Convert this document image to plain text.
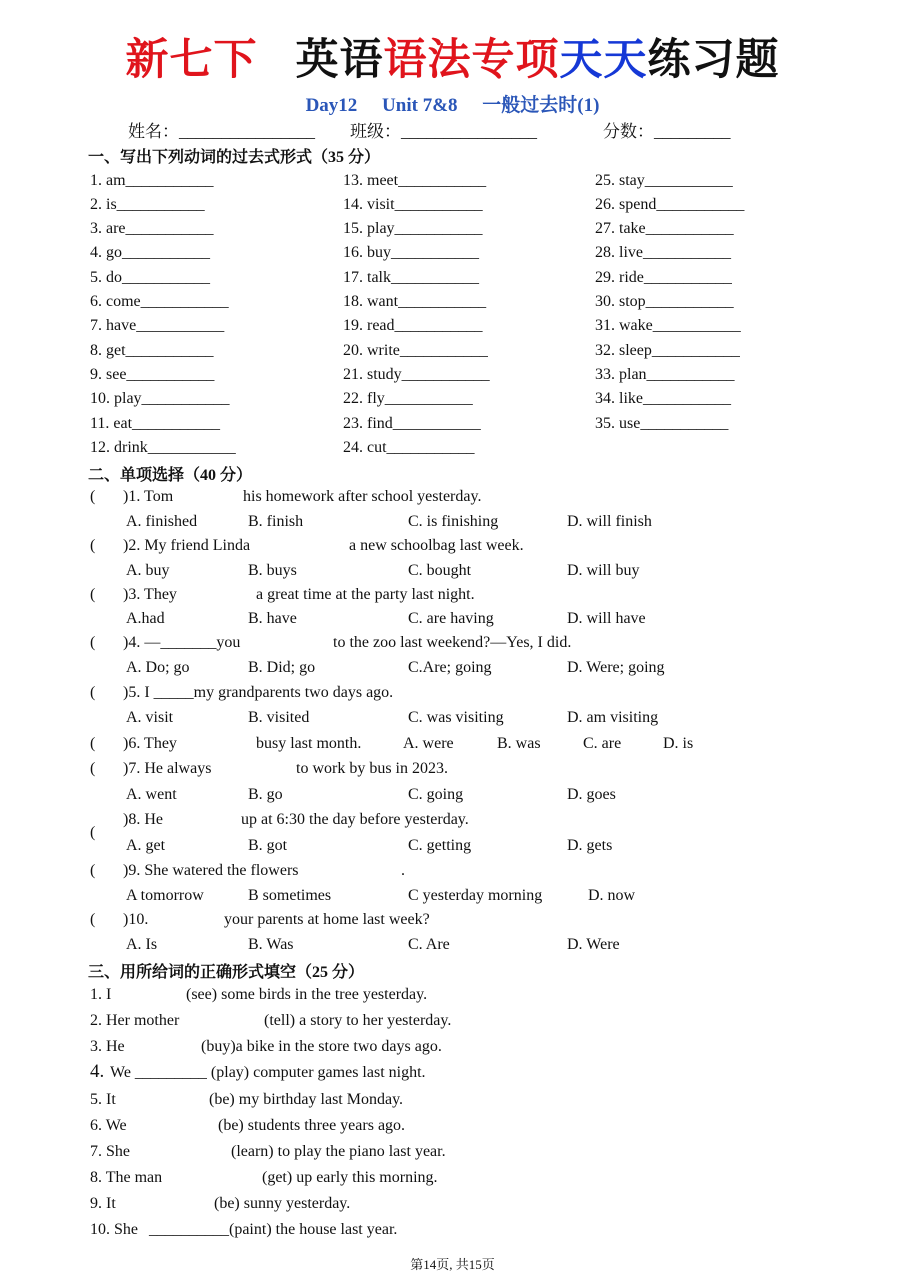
新七下 英语语法专项天天练习题
Day12 Unit 7&8 一般过去时(1)
姓名：________________ 班级：________________	分数：_________
一、写出下列动词的过去式形式（35 分）
1. am___________
2. is___________
3. are___________
4. go___________
5. do___________
6. come___________
7. have___________
8. get___________
9. see___________
10. play___________
11. eat___________
12. drink___________
13. meet___________
14. visit___________
15. play___________
16. buy___________
17. talk___________
18. want___________
19. read___________
20. write___________
21. study___________
22. fly___________
23. find___________
24. cut___________
25. stay___________
26. spend___________
27. take___________
28. live___________
29. ride___________
30. stop___________
31. wake___________
32. sleep___________
33. plan___________
34. like___________
35. use___________
二、单项选择（40 分）
( )1. Tom	his homework after school yesterday.
A. finished	B. finish	C. is finishing	D. will finish
( )2. My friend Linda	a new schoolbag last week.
A. buy	B. buys	C. bought	D. will buy
( )3. They	a great time at the party last night.
A.had	B. have	C. are having	D. will have
( )4. —_______you	to the zoo last weekend?—Yes, I did.
A. Do; go	B. Did; go	C.Are; going	D. Were; going
( )5. I _____my grandparents two days ago.
A. visit	B. visited	C. was visiting	D. am visiting
( )6. They	busy last month.	A. were	B. was	C. are	D. is
( )7. He always	to work by bus in 2023.
A. went	B. go	C. going	D. goes
(
)8. He	up at 6:30 the day before yesterday.
A. get	B. got	C. getting	D. gets
( )9. She watered the flowers	.
A tomorrow	B sometimes	C yesterday morning	D. now
( )10.	your parents at home last week?
A. Is	B. Was	C. Are	D. Were
三、用所给词的正确形式填空（25 分）
1. I	(see) some birds in the tree yesterday.
2. Her mother	(tell) a story to her yesterday.
3. He	(buy)a bike in the store two days ago.
4. We _________ (play) computer games last night.
5. It	(be) my birthday last Monday.
6. We	(be) students three years ago.
7. She	(learn) to play the piano last year.
8. The man	(get) up early this morning.
9. It	(be) sunny yesterday.
10. She __________(paint) the house last year.
第14页, 共15页
